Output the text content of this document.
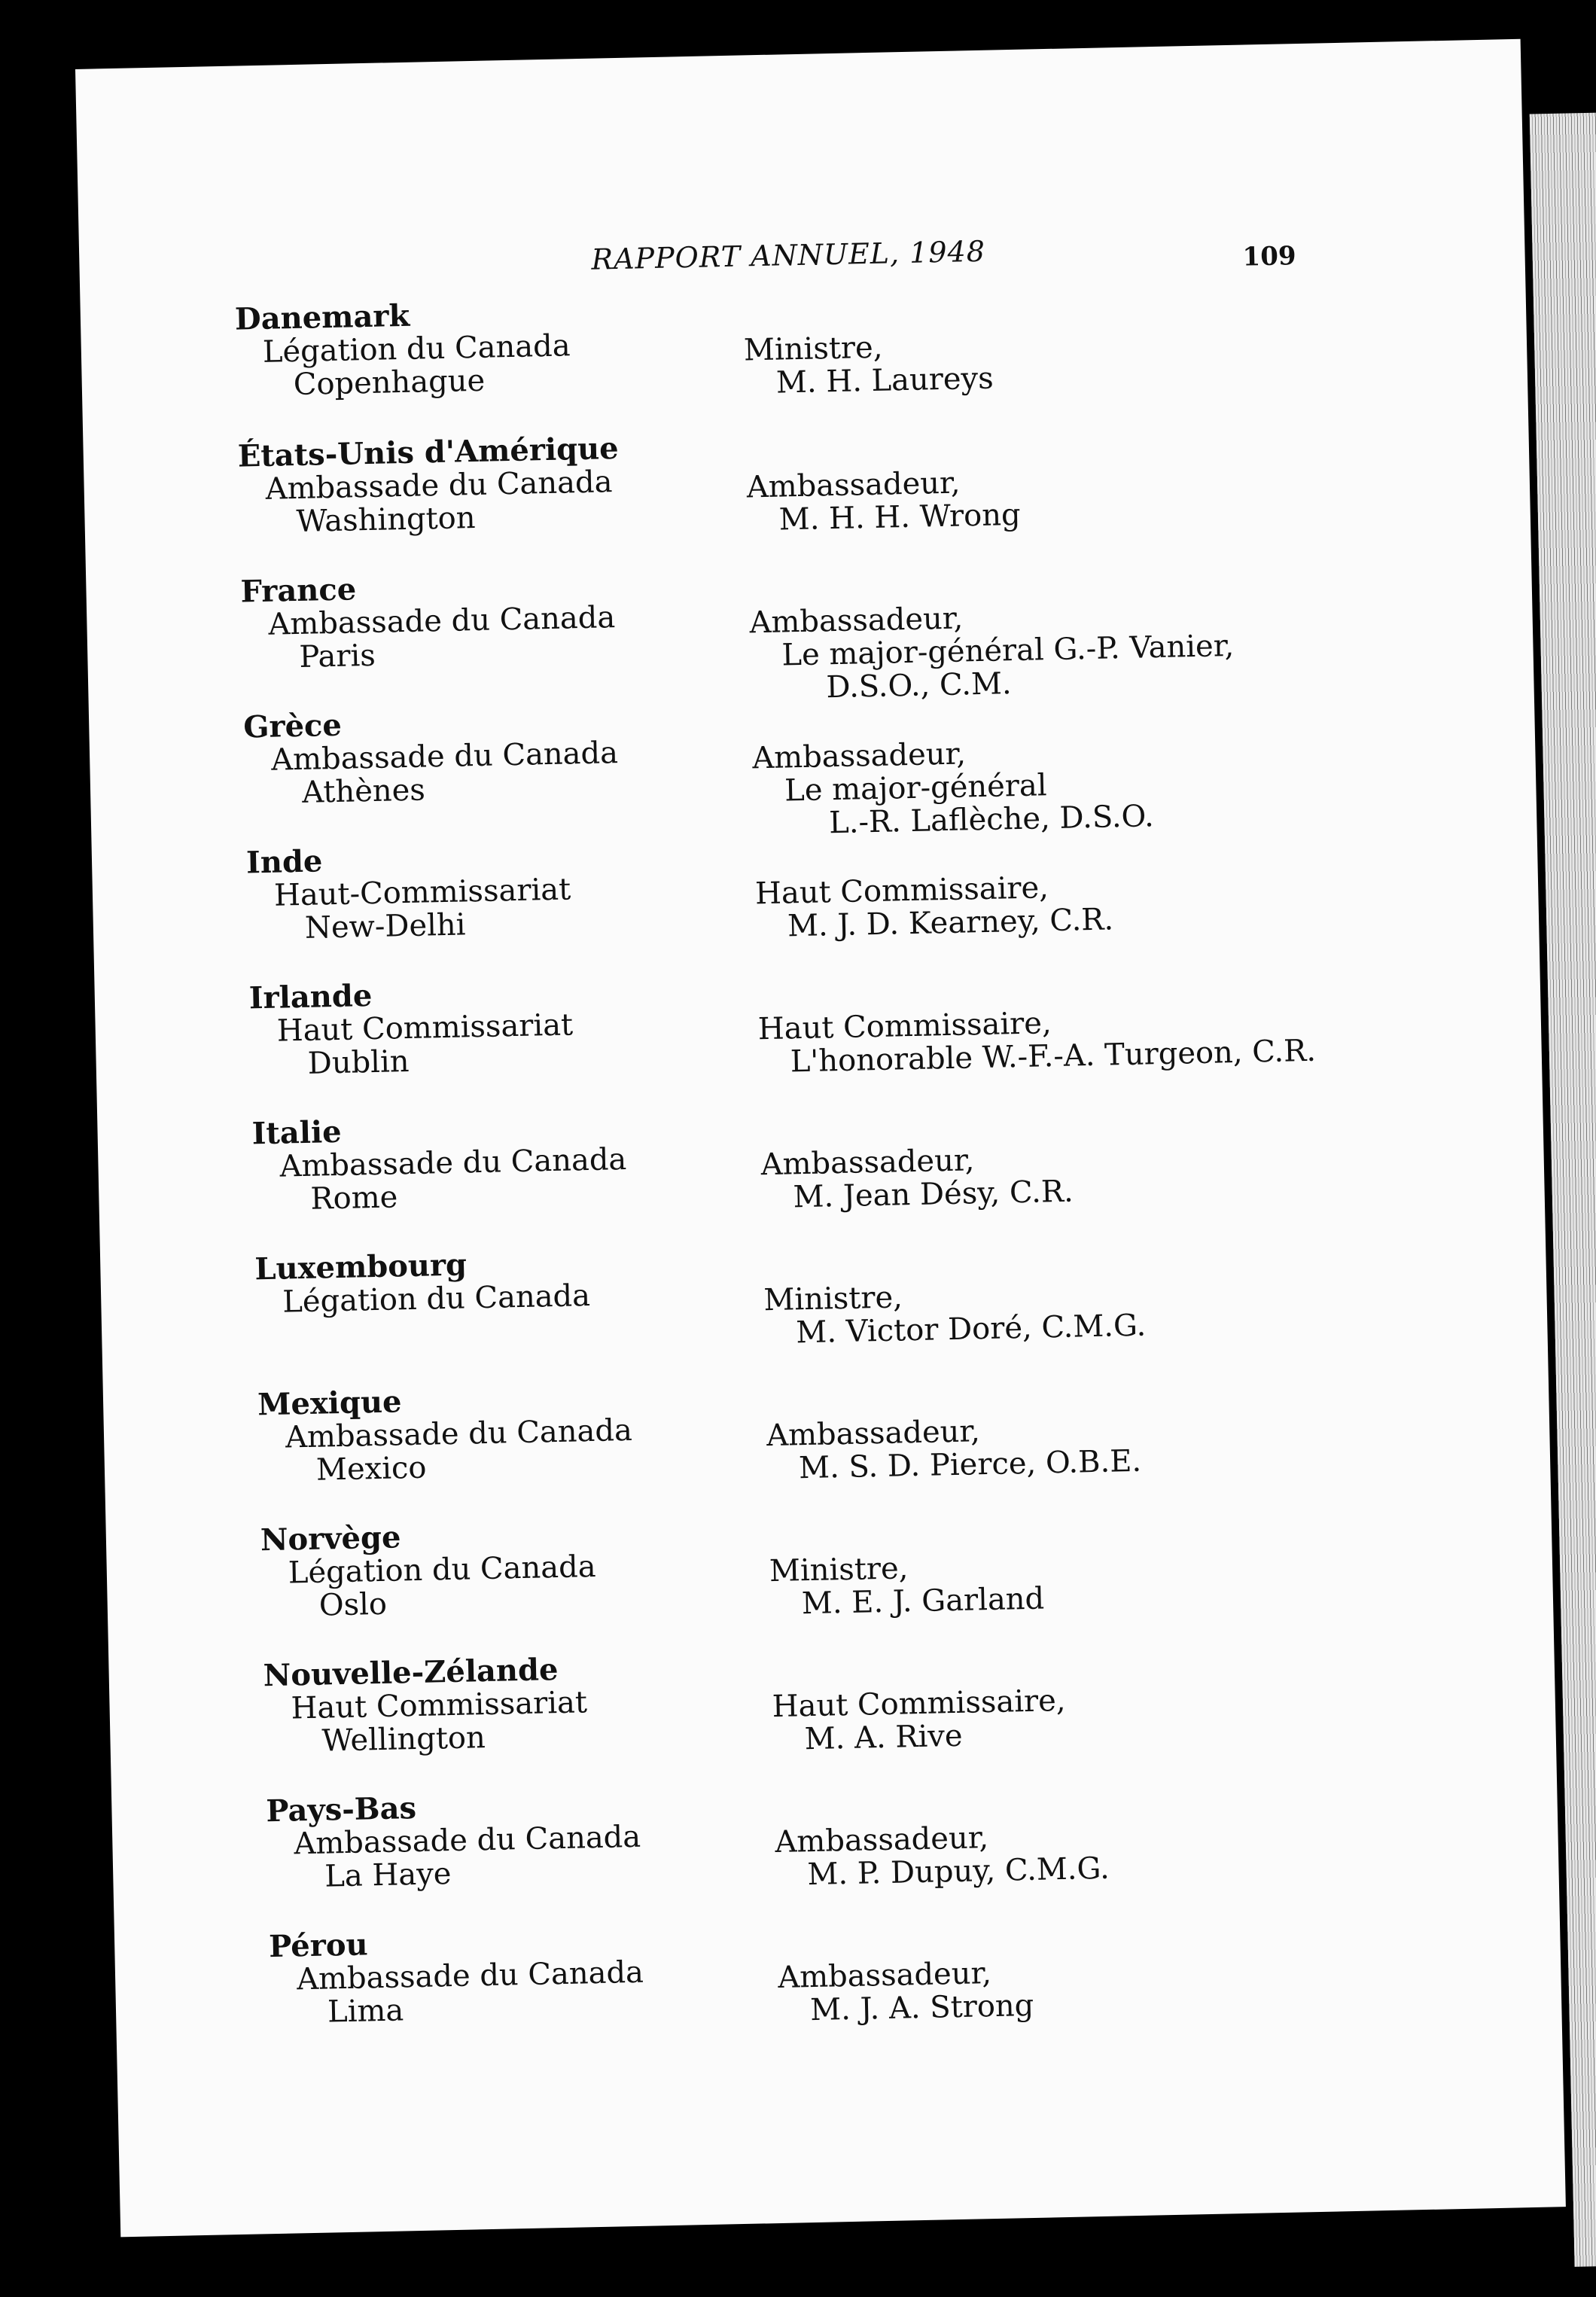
RAPPORT ANNUEL, 1948	109
Danemark
Légation du Canada
Copenhague
Ministre,
M. H. Laureys
États-Unis d'Amérique
Ambassade du Canada
Washington
Ambassadeur,
M. H. H. Wrong
France
Ambassade du Canada
Paris
Ambassadeur,
Le major-général G.-P. Vanier,
D.S.O., C.M.
Grèce
Ambassade du Canada
Athènes
Ambassadeur,
Le major-général
L.-R. Laflèche, D.S.O.
Inde
Haut-Commissariat
New-Delhi
Haut Commissaire,
M. J. D. Kearney, C.R.
Irlande
Haut Commissariat
Dublin
Haut Commissaire,
L'honorable W.-F.-A. Turgeon, C.R.
Italie
Ambassade du Canada
Rome
Ambassadeur,
M. Jean Désy, C.R.
Luxembourg
Légation du Canada	Ministre,
M. Victor Doré, C.M.G.
Mexique
Ambassade du Canada
Mexico
Ambassadeur,
M. S. D. Pierce, O.B.E.
Norvège
Légation du Canada
Oslo
Ministre,
M. E. J. Garland
Nouvelle-Zélande
Haut Commissariat
Wellington
Haut Commissaire,
M. A. Rive
Pays-Bas
Ambassade du Canada
La Haye
Ambassadeur,
M. P. Dupuy, C.M.G.
Pérou
Ambassade du Canada
Lima
Ambassadeur,
M. J. A. Strong
